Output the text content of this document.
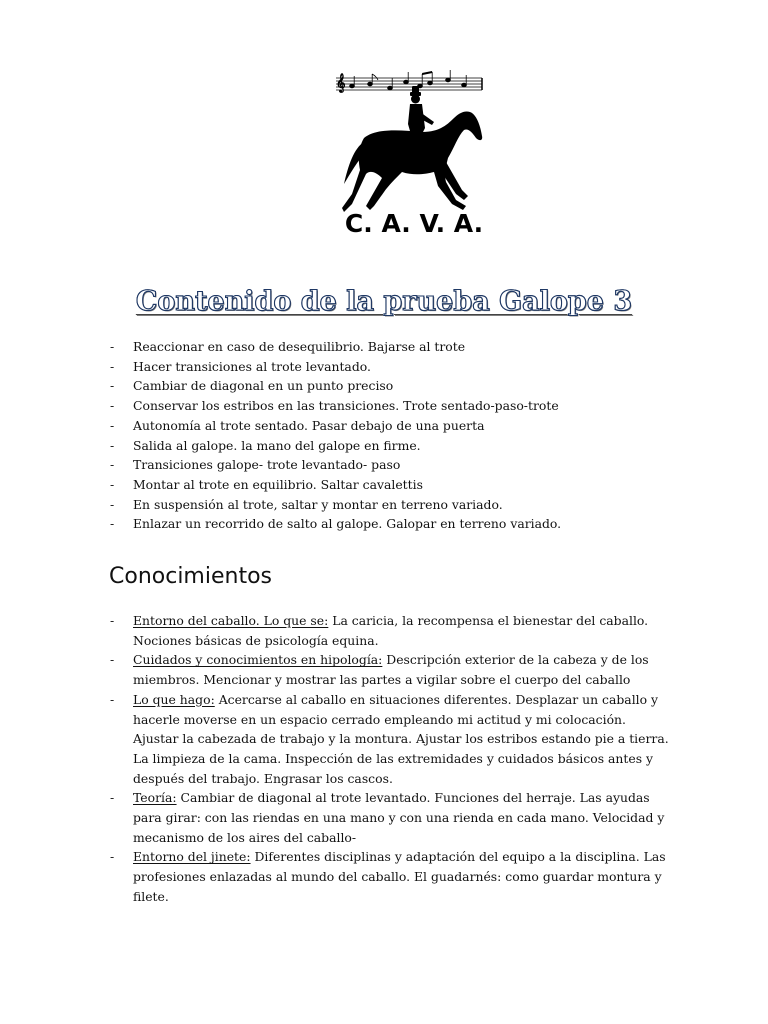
𝄞
C. A. V. A.
Contenido de la prueba Galope 3
- Reaccionar en caso de desequilibrio. Bajarse al trote
- Hacer transiciones al trote levantado.
- Cambiar de diagonal en un punto preciso
- Conservar los estribos en las transiciones. Trote sentado-paso-trote
- Autonomía al trote sentado. Pasar debajo de una puerta
- Salida al galope. la mano del galope en firme.
- Transiciones galope- trote levantado- paso
- Montar al trote en equilibrio. Saltar cavalettis
- En suspensión al trote, saltar y montar en terreno variado.
- Enlazar un recorrido de salto al galope. Galopar en terreno variado.
Conocimientos
- Entorno del caballo. Lo que se: La caricia, la recompensa el bienestar del caballo. Nociones básicas de psicología equina.
- Cuidados y conocimientos en hipología: Descripción exterior de la cabeza y de los miembros. Mencionar y mostrar las partes a vigilar sobre el cuerpo del caballo
- Lo que hago: Acercarse al caballo en situaciones diferentes. Desplazar un caballo y hacerle moverse en un espacio cerrado empleando mi actitud y mi colocación. Ajustar la cabezada de trabajo y la montura. Ajustar los estribos estando pie a tierra. La limpieza de la cama. Inspección de las extremidades y cuidados básicos antes y después del trabajo. Engrasar los cascos.
- Teoría: Cambiar de diagonal al trote levantado. Funciones del herraje. Las ayudas para girar: con las riendas en una mano y con una rienda en cada mano. Velocidad y mecanismo de los aires del caballo-
- Entorno del jinete: Diferentes disciplinas y adaptación del equipo a la disciplina. Las profesiones enlazadas al mundo del caballo. El guadarnés: como guardar montura y filete.
